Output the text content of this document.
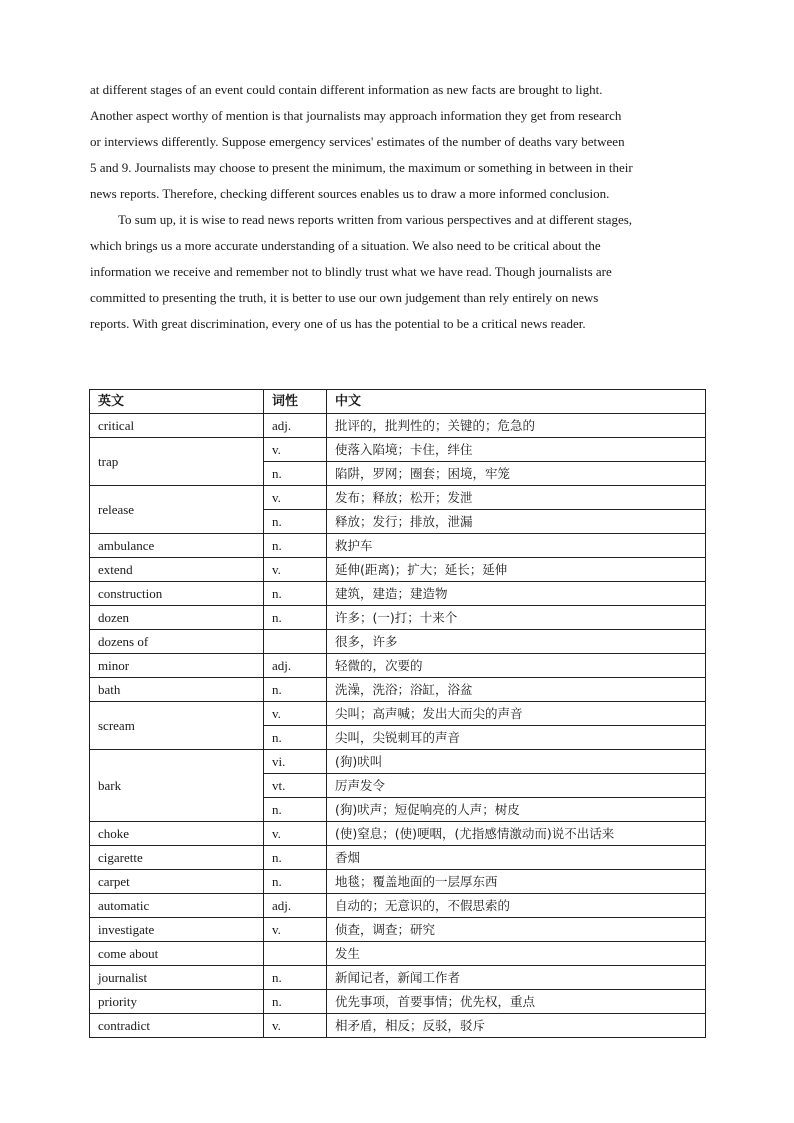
at different stages of an event could contain different information as new facts are brought to light.
Another aspect worthy of mention is that journalists may approach information they get from research
or interviews differently. Suppose emergency services' estimates of the number of deaths vary between
5 and 9. Journalists may choose to present the minimum, the maximum or something in between in their
news reports. Therefore, checking different sources enables us to draw a more informed conclusion.
To sum up, it is wise to read news reports written from various perspectives and at different stages,
which brings us a more accurate understanding of a situation. We also need to be critical about the
information we receive and remember not to blindly trust what we have read. Though journalists are
committed to presenting the truth, it is better to use our own judgement than rely entirely on news
reports. With great discrimination, every one of us has the potential to be a critical news reader.
英文	词性	中文
critical	adj.	批评的，批判性的；关键的；危急的
trap	v.	使落入陷境；卡住，绊住
	n.	陷阱，罗网；圈套；困境，牢笼
release	v.	发布；释放；松开；发泄
	n.	释放；发行；排放，泄漏
ambulance	n.	救护车
extend	v.	延伸(距离)；扩大；延长；延伸
construction	n.	建筑，建造；建造物
dozen	n.	许多；(一)打；十来个
dozens of		很多，许多
minor	adj.	轻微的，次要的
bath	n.	洗澡，洗浴；浴缸，浴盆
scream	v.	尖叫；高声喊；发出大而尖的声音
	n.	尖叫，尖锐刺耳的声音
bark	vi.	(狗)吠叫
	vt.	厉声发令
	n.	(狗)吠声；短促响亮的人声；树皮
choke	v.	(使)窒息；(使)哽咽，(尤指感情激动而)说不出话来
cigarette	n.	香烟
carpet	n.	地毯；覆盖地面的一层厚东西
automatic	adj.	自动的；无意识的，不假思索的
investigate	v.	侦查，调查；研究
come about		发生
journalist	n.	新闻记者，新闻工作者
priority	n.	优先事项，首要事情；优先权，重点
contradict	v.	相矛盾，相反；反驳，驳斥
